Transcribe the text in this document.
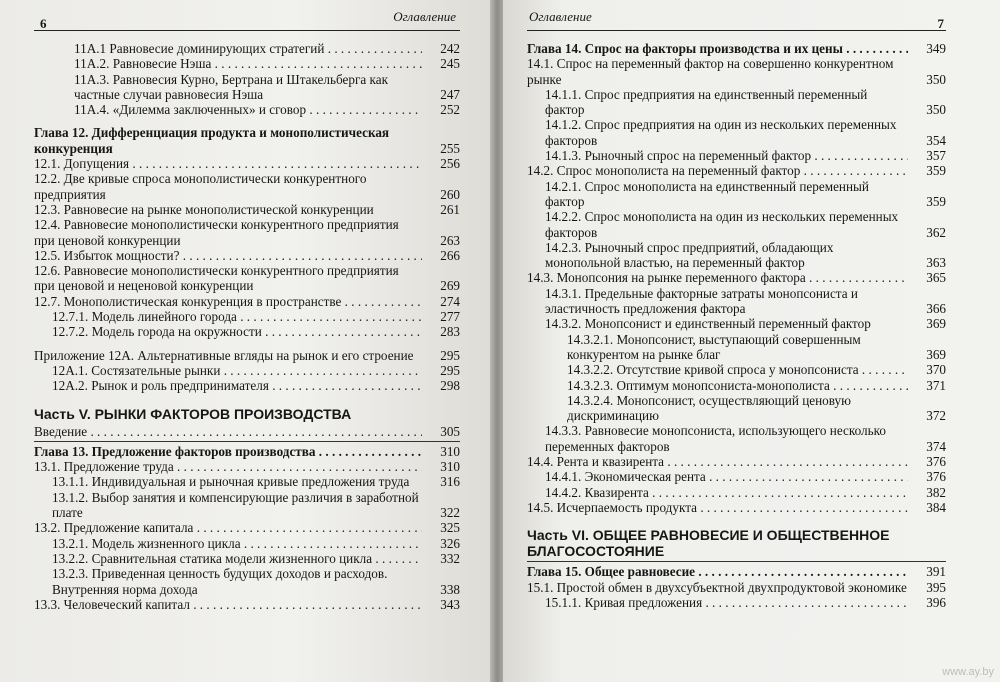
6	Оглавление
11А.1 Равновесие доминирующих стратегий . . .	242
11А.2. Равновесие Нэша . . .	245
11А.3. Равновесия Курно, Бертрана и Штакельберга как частные случаи равновесия Нэша	247
11А.4. «Дилемма заключенных» и сговор . . .	252
Глава 12. Дифференциация продукта и монополистическая конкуренция	255
12.1. Допущения . . .	256
12.2. Две кривые спроса монополистически конкурентного предприятия	260
12.3. Равновесие на рынке монополистической конкуренции	261
12.4. Равновесие монополистически конкурентного предприятия при ценовой конкуренции	263
12.5. Избыток мощности? . . .	266
12.6. Равновесие монополистически конкурентного предприятия при ценовой и неценовой конкуренции	269
12.7. Монополистическая конкуренция в пространстве . . .	274
12.7.1. Модель линейного города . . .	277
12.7.2. Модель города на окружности . . .	283
Приложение 12А. Альтернативные вгляды на рынок и его строение	295
12А.1. Состязательные рынки . . .	295
12А.2. Рынок и роль предпринимателя . . .	298
Часть V. РЫНКИ ФАКТОРОВ ПРОИЗВОДСТВА
Введение . . .	305
Глава 13. Предложение факторов производства . . .	310
13.1. Предложение труда . . .	310
13.1.1. Индивидуальная и рыночная кривые предложения труда	316
13.1.2. Выбор занятия и компенсирующие различия в заработной плате	322
13.2. Предложение капитала . . .	325
13.2.1. Модель жизненного цикла . . .	326
13.2.2. Сравнительная статика модели жизненного цикла . . .	332
13.2.3. Приведенная ценность будущих доходов и расходов. Внутренняя норма дохода	338
13.3. Человеческий капитал . . .	343
Оглавление	7
Глава 14. Спрос на факторы производства и их цены . . .	349
14.1. Спрос на переменный фактор на совершенно конкурентном рынке	350
14.1.1. Спрос предприятия на единственный переменный фактор	350
14.1.2. Спрос предприятия на один из нескольких переменных факторов	354
14.1.3. Рыночный спрос на переменный фактор . . .	357
14.2. Спрос монополиста на переменный фактор . . .	359
14.2.1. Спрос монополиста на единственный переменный фактор	359
14.2.2. Спрос монополиста на один из нескольких переменных факторов	362
14.2.3. Рыночный спрос предприятий, обладающих монопольной властью, на переменный фактор	363
14.3. Монопсония на рынке переменного фактора . . .	365
14.3.1. Предельные факторные затраты монопсониста и эластичность предложения фактора	366
14.3.2. Монопсонист и единственный переменный фактор	369
14.3.2.1. Монопсонист, выступающий совершенным конкурентом на рынке благ	369
14.3.2.2. Отсутствие кривой спроса у монопсониста . . .	370
14.3.2.3. Оптимум монопсониста-монополиста . . .	371
14.3.2.4. Монопсонист, осуществляющий ценовую дискриминацию	372
14.3.3. Равновесие монопсониста, использующего несколько переменных факторов	374
14.4. Рента и квазирента . . .	376
14.4.1. Экономическая рента . . .	376
14.4.2. Квазирента . . .	382
14.5. Исчерпаемость продукта . . .	384
Часть VI. ОБЩЕЕ РАВНОВЕСИЕ И ОБЩЕСТВЕННОЕ БЛАГОСОСТОЯНИЕ
Глава 15. Общее равновесие . . .	391
15.1. Простой обмен в двухсубъектной двухпродуктовой экономике	395
15.1.1. Кривая предложения . . .	396
www.ay.by
